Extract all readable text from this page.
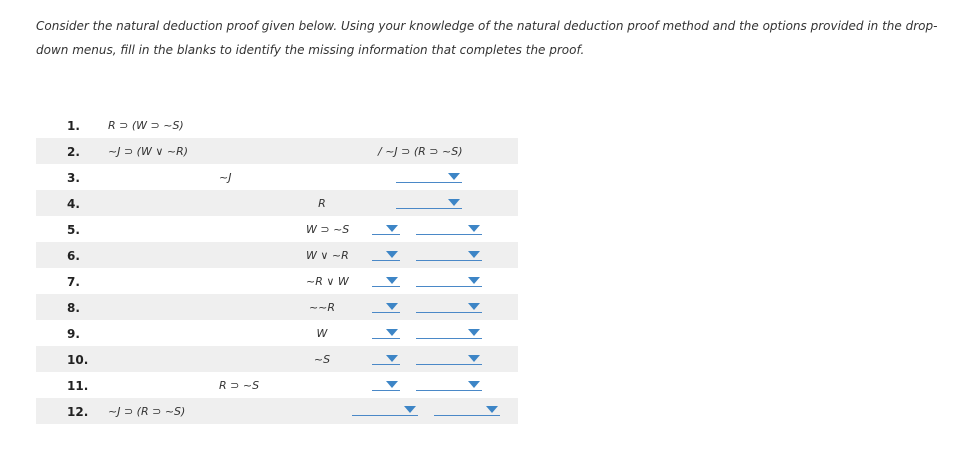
Consider the natural deduction proof given below. Using your knowledge of the natural deduction proof method and the options provided in the drop-down menus, fill in the blanks to identify the missing information that completes the proof.
1.	R ⊃ (W ⊃ ~S)
2.	~J ⊃ (W ∨ ~R)	/ ~J ⊃ (R ⊃ ~S)
3.	~J
4.	R
5.	W ⊃ ~S
6.	W ∨ ~R
7.	~R ∨ W
8.	~~R
9.	W
10.	~S
11.	R ⊃ ~S
12. ~J ⊃ (R ⊃ ~S)
